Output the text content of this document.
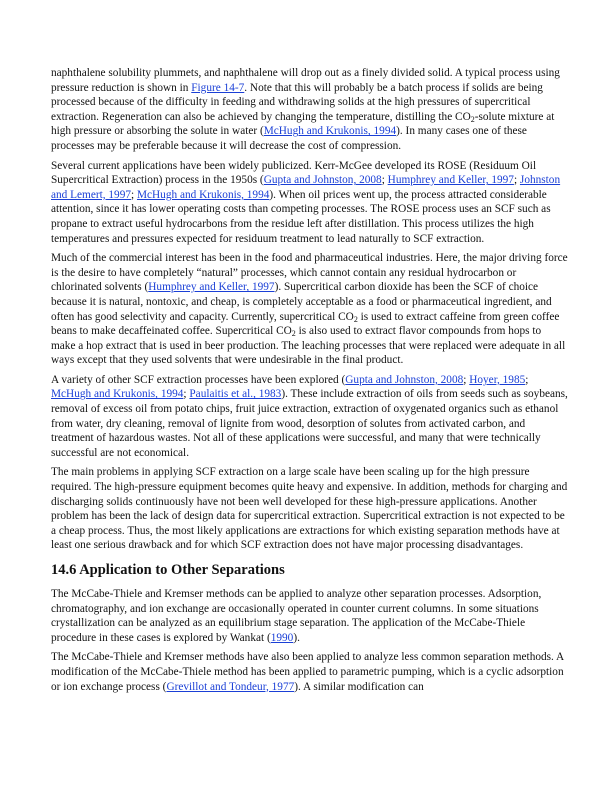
naphthalene solubility plummets, and naphthalene will drop out as a finely divided solid. A typical process using pressure reduction is shown in Figure 14-7. Note that this will probably be a batch process if solids are being processed because of the difficulty in feeding and withdrawing solids at the high pressures of supercritical extraction. Regeneration can also be achieved by changing the temperature, distilling the $CO_2$-solute mixture at high pressure or absorbing the solute in water (McHugh and Krukonis, 1994). In many cases one of these processes may be preferable because it will decrease the cost of compression.

Several current applications have been widely publicized. Kerr-McGee developed its ROSE (Residuum Oil Supercritical Extraction) process in the 1950s (Gupta and Johnston, 2008; Humphrey and Keller, 1997; Johnston and Lemert, 1997; McHugh and Krukonis, 1994). When oil prices went up, the process attracted considerable attention, since it has lower operating costs than competing processes. The ROSE process uses an SCF such as propane to extract useful hydrocarbons from the residue left after distillation. This process utilizes the high temperatures and pressures expected for residuum treatment to lead naturally to SCF extraction.

Much of the commercial interest has been in the food and pharmaceutical industries. Here, the major driving force is the desire to have completely “natural” processes, which cannot contain any residual hydrocarbon or chlorinated solvents (Humphrey and Keller, 1997). Supercritical carbon dioxide has been the SCF of choice because it is natural, nontoxic, and cheap, is completely acceptable as a food or pharmaceutical ingredient, and often has good selectivity and capacity. Currently, supercritical $CO_2$ is used to extract caffeine from green coffee beans to make decaffeinated coffee. Supercritical $CO_2$ is also used to extract flavor compounds from hops to make a hop extract that is used in beer production. The leaching processes that were replaced were adequate in all ways except that they used solvents that were undesirable in the final product.

A variety of other SCF extraction processes have been explored (Gupta and Johnston, 2008; Hoyer, 1985; McHugh and Krukonis, 1994; Paulaitis et al., 1983). These include extraction of oils from seeds such as soybeans, removal of excess oil from potato chips, fruit juice extraction, extraction of oxygenated organics such as ethanol from water, dry cleaning, removal of lignite from wood, desorption of solutes from activated carbon, and treatment of hazardous wastes. Not all of these applications were successful, and many that were technically successful are not economical.

The main problems in applying SCF extraction on a large scale have been scaling up for the high pressure required. The high-pressure equipment becomes quite heavy and expensive. In addition, methods for charging and discharging solids continuously have not been well developed for these high-pressure applications. Another problem has been the lack of design data for supercritical extraction. Supercritical extraction is not expected to be a cheap process. Thus, the most likely applications are extractions for which existing separation methods have at least one serious drawback and for which SCF extraction does not have major processing disadvantages.

14.6 Application to Other Separations

The McCabe-Thiele and Kremser methods can be applied to analyze other separation processes. Adsorption, chromatography, and ion exchange are occasionally operated in counter current columns. In some situations crystallization can be analyzed as an equilibrium stage separation. The application of the McCabe-Thiele procedure in these cases is explored by Wankat (1990).

The McCabe-Thiele and Kremser methods have also been applied to analyze less common separation methods. A modification of the McCabe-Thiele method has been applied to parametric pumping, which is a cyclic adsorption or ion exchange process (Grevillot and Tondeur, 1977). A similar modification can
